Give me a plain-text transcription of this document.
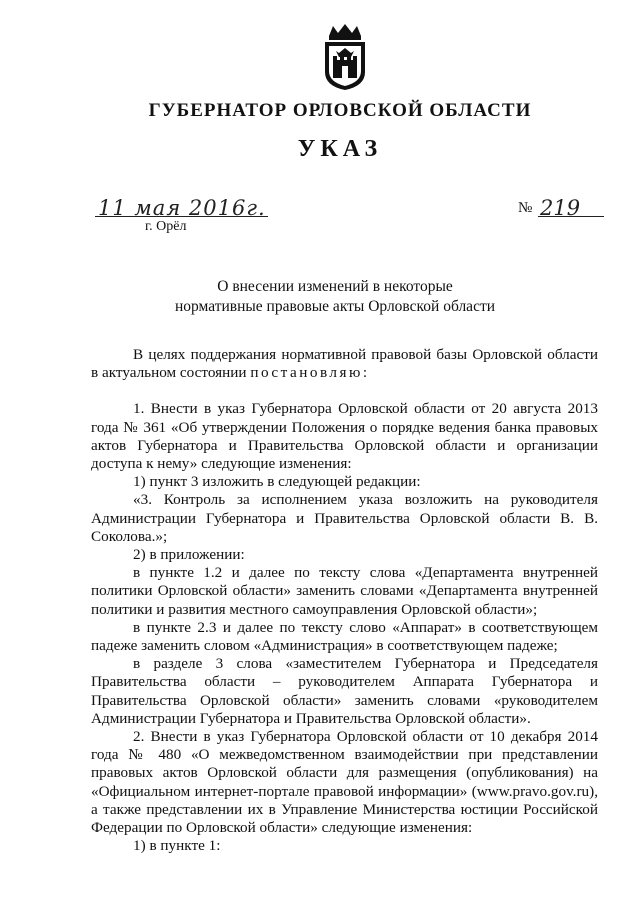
ГУБЕРНАТОР ОРЛОВСКОЙ ОБЛАСТИ
УКАЗ
11 мая 2016г.	№ 219
г. Орёл
О внесении изменений в некоторые
нормативные правовые акты Орловской области

В целях поддержания нормативной правовой базы Орловской области в актуальном состоянии постановляю:

1. Внести в указ Губернатора Орловской области от 20 августа 2013 года № 361 «Об утверждении Положения о порядке ведения банка правовых актов Губернатора и Правительства Орловской области и организации доступа к нему» следующие изменения:

1) пункт 3 изложить в следующей редакции:

«3. Контроль за исполнением указа возложить на руководителя Администрации Губернатора и Правительства Орловской области В. В. Соколова.»;

2) в приложении:

в пункте 1.2 и далее по тексту слова «Департамента внутренней политики Орловской области» заменить словами «Департамента внутренней политики и развития местного самоуправления Орловской области»;

в пункте 2.3 и далее по тексту слово «Аппарат» в соответствующем падеже заменить словом «Администрация» в соответствующем падеже;

в разделе 3 слова «заместителем Губернатора и Председателя Правительства области – руководителем Аппарата Губернатора и Правительства Орловской области» заменить словами «руководителем Администрации Губернатора и Правительства Орловской области».

2. Внести в указ Губернатора Орловской области от 10 декабря 2014 года № 480 «О межведомственном взаимодействии при представлении правовых актов Орловской области для размещения (опубликования) на «Официальном интернет-портале правовой информации» (www.pravo.gov.ru), а также представлении их в Управление Министерства юстиции Российской Федерации по Орловской области» следующие изменения:

1) в пункте 1:
